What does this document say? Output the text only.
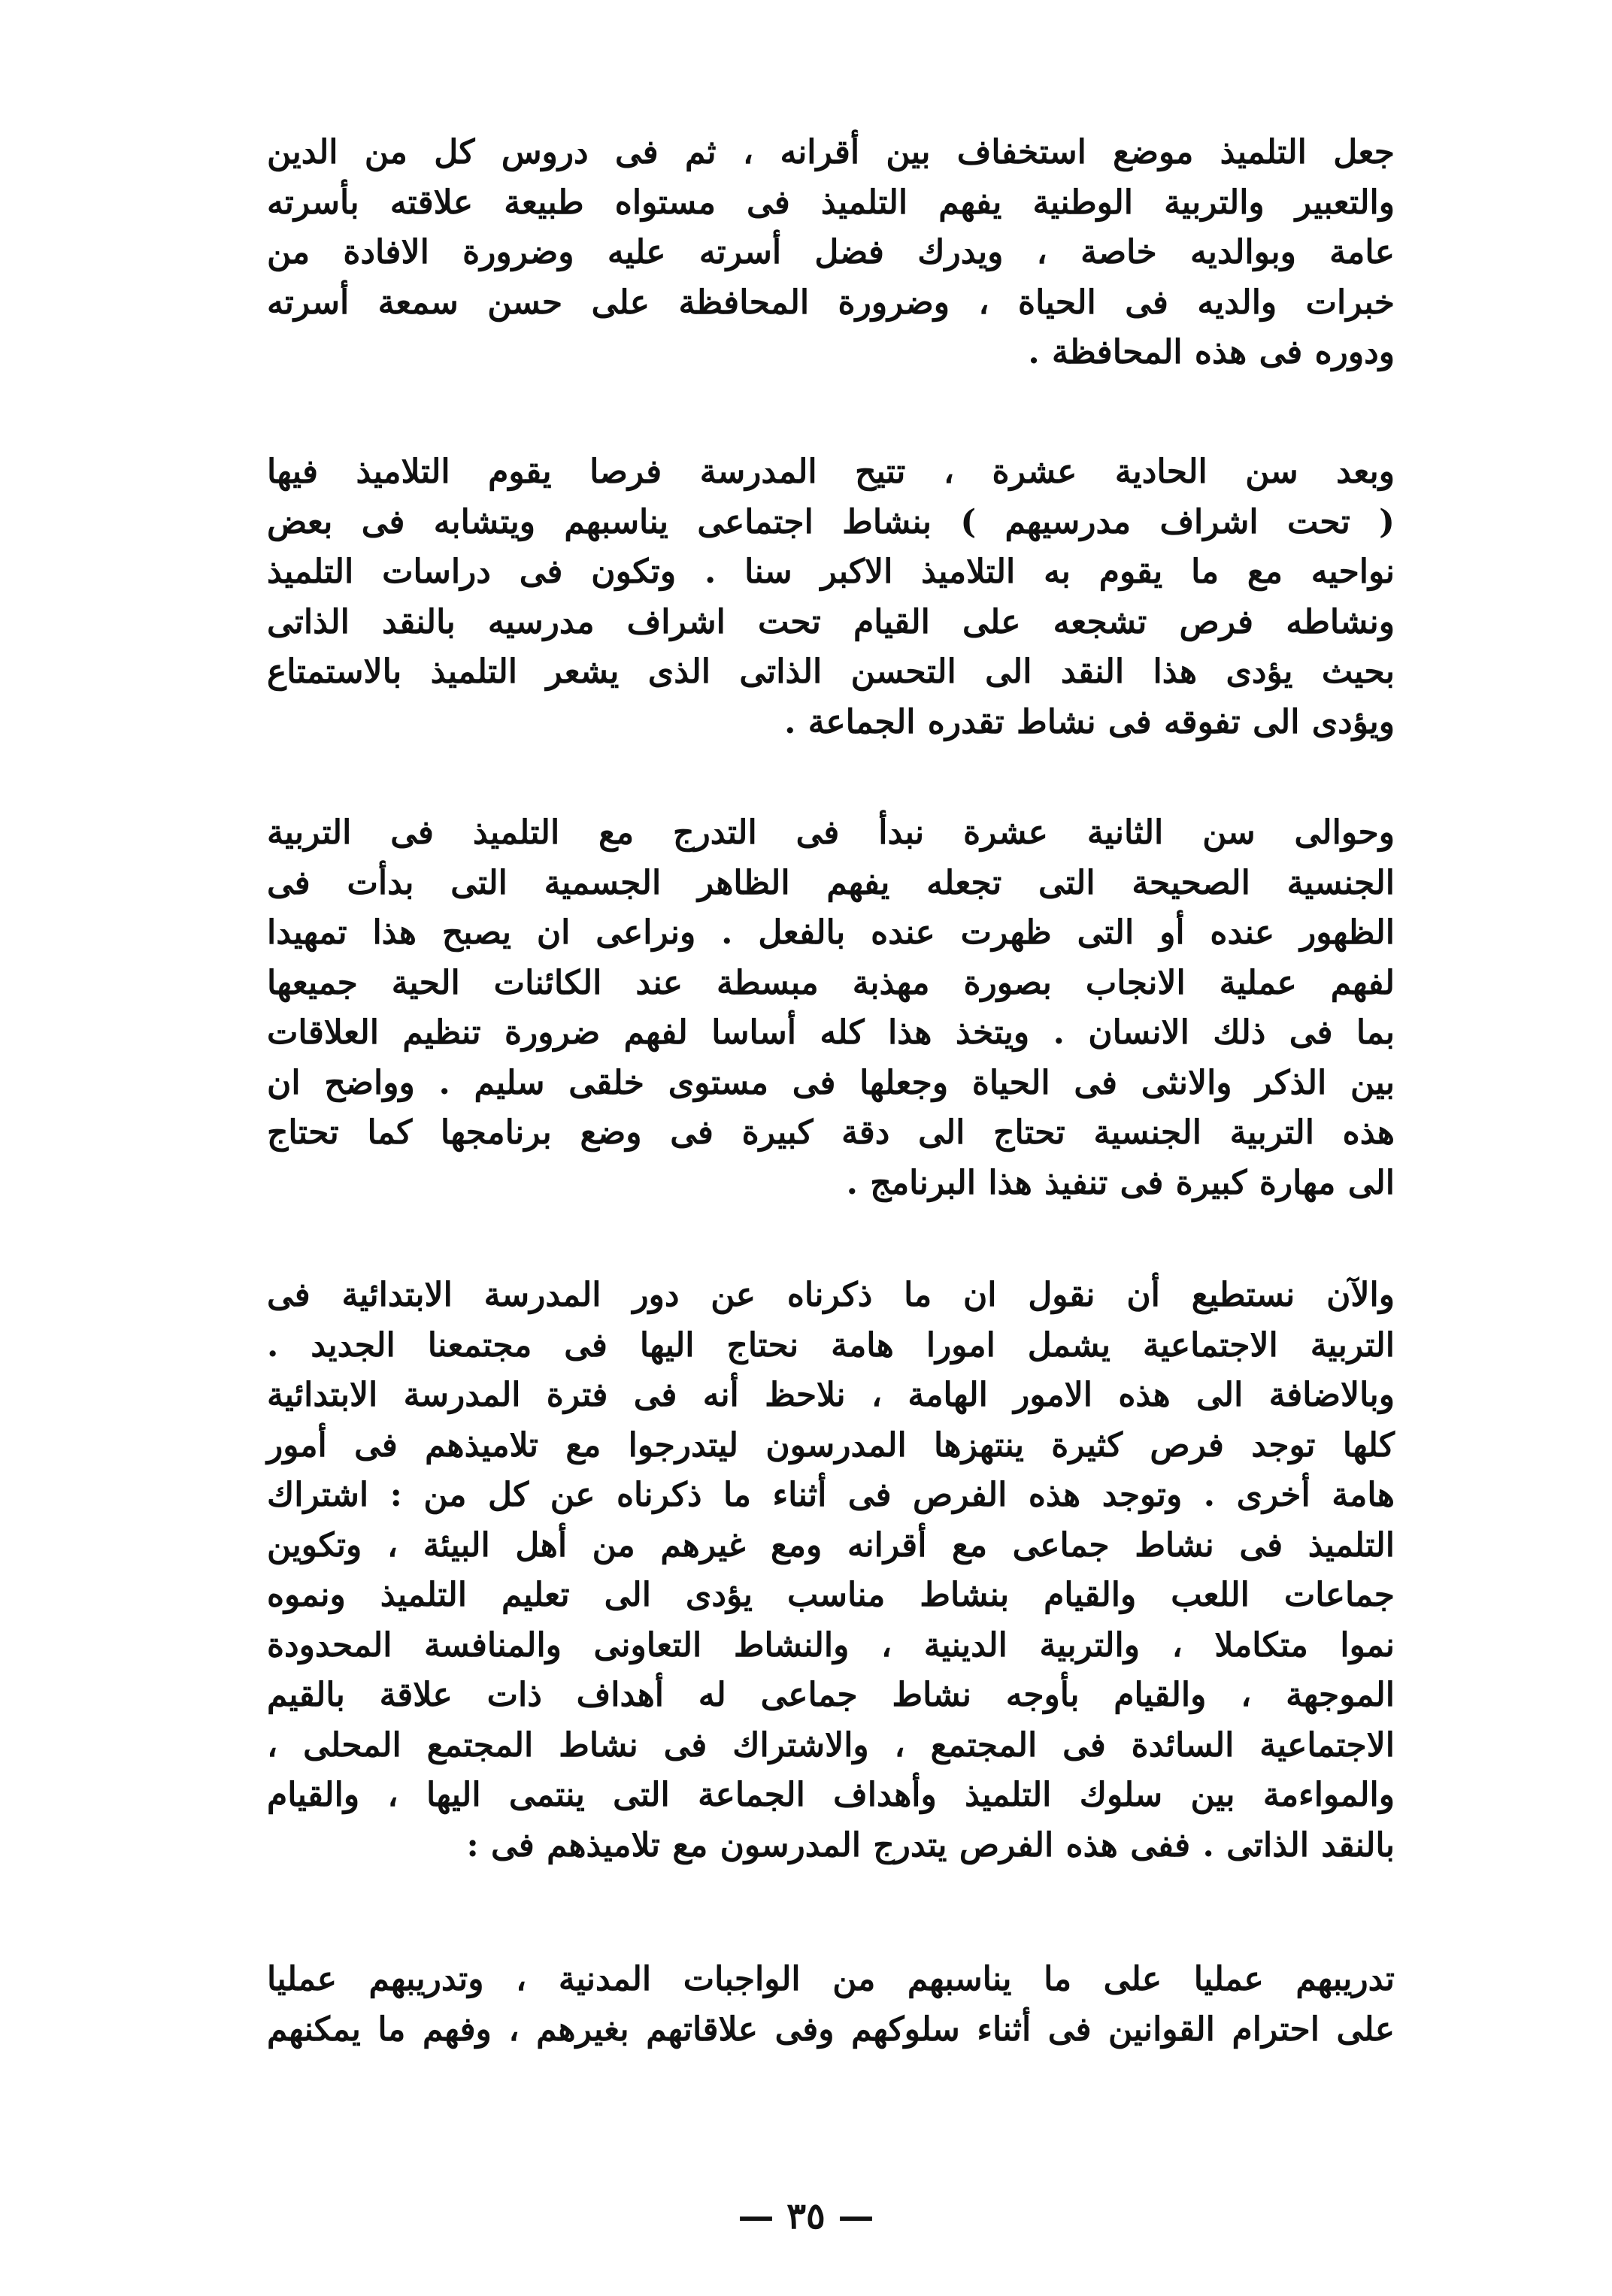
جعل التلميذ موضع استخفاف بين أقرانه ، ثم فى دروس كل من الدين
والتعبير والتربية الوطنية يفهم التلميذ فى مستواه طبيعة علاقته بأسرته
عامة وبوالديه خاصة ، ويدرك فضل أسرته عليه وضرورة الافادة من
خبرات والديه فى الحياة ، وضرورة المحافظة على حسن سمعة أسرته
ودوره فى هذه المحافظة .
وبعد سن الحادية عشرة ، تتيح المدرسة فرصا يقوم التلاميذ فيها
( تحت اشراف مدرسيهم ) بنشاط اجتماعى يناسبهم ويتشابه فى بعض
نواحيه مع ما يقوم به التلاميذ الاكبر سنا . وتكون فى دراسات التلميذ
ونشاطه فرص تشجعه على القيام تحت اشراف مدرسيه بالنقد الذاتى
بحيث يؤدى هذا النقد الى التحسن الذاتى الذى يشعر التلميذ بالاستمتاع
ويؤدى الى تفوقه فى نشاط تقدره الجماعة .
وحوالى سن الثانية عشرة نبدأ فى التدرج مع التلميذ فى التربية
الجنسية الصحيحة التى تجعله يفهم الظاهر الجسمية التى بدأت فى
الظهور عنده أو التى ظهرت عنده بالفعل . ونراعى ان يصبح هذا تمهيدا
لفهم عملية الانجاب بصورة مهذبة مبسطة عند الكائنات الحية جميعها
بما فى ذلك الانسان . ويتخذ هذا كله أساسا لفهم ضرورة تنظيم العلاقات
بين الذكر والانثى فى الحياة وجعلها فى مستوى خلقى سليم . وواضح ان
هذه التربية الجنسية تحتاج الى دقة كبيرة فى وضع برنامجها كما تحتاج
الى مهارة كبيرة فى تنفيذ هذا البرنامج .
والآن نستطيع أن نقول ان ما ذكرناه عن دور المدرسة الابتدائية فى
التربية الاجتماعية يشمل امورا هامة نحتاج اليها فى مجتمعنا الجديد .
وبالاضافة الى هذه الامور الهامة ، نلاحظ أنه فى فترة المدرسة الابتدائية
كلها توجد فرص كثيرة ينتهزها المدرسون ليتدرجوا مع تلاميذهم فى أمور
هامة أخرى . وتوجد هذه الفرص فى أثناء ما ذكرناه عن كل من : اشتراك
التلميذ فى نشاط جماعى مع أقرانه ومع غيرهم من أهل البيئة ، وتكوين
جماعات اللعب والقيام بنشاط مناسب يؤدى الى تعليم التلميذ ونموه
نموا متكاملا ، والتربية الدينية ، والنشاط التعاونى والمنافسة المحدودة
الموجهة ، والقيام بأوجه نشاط جماعى له أهداف ذات علاقة بالقيم
الاجتماعية السائدة فى المجتمع ، والاشتراك فى نشاط المجتمع المحلى ،
والمواءمة بين سلوك التلميذ وأهداف الجماعة التى ينتمى اليها ، والقيام
بالنقد الذاتى . ففى هذه الفرص يتدرج المدرسون مع تلاميذهم فى :
تدريبهم عمليا على ما يناسبهم من الواجبات المدنية ، وتدريبهم عمليا
على احترام القوانين فى أثناء سلوكهم وفى علاقاتهم بغيرهم ، وفهم ما يمكنهم
— ٣٥ —
